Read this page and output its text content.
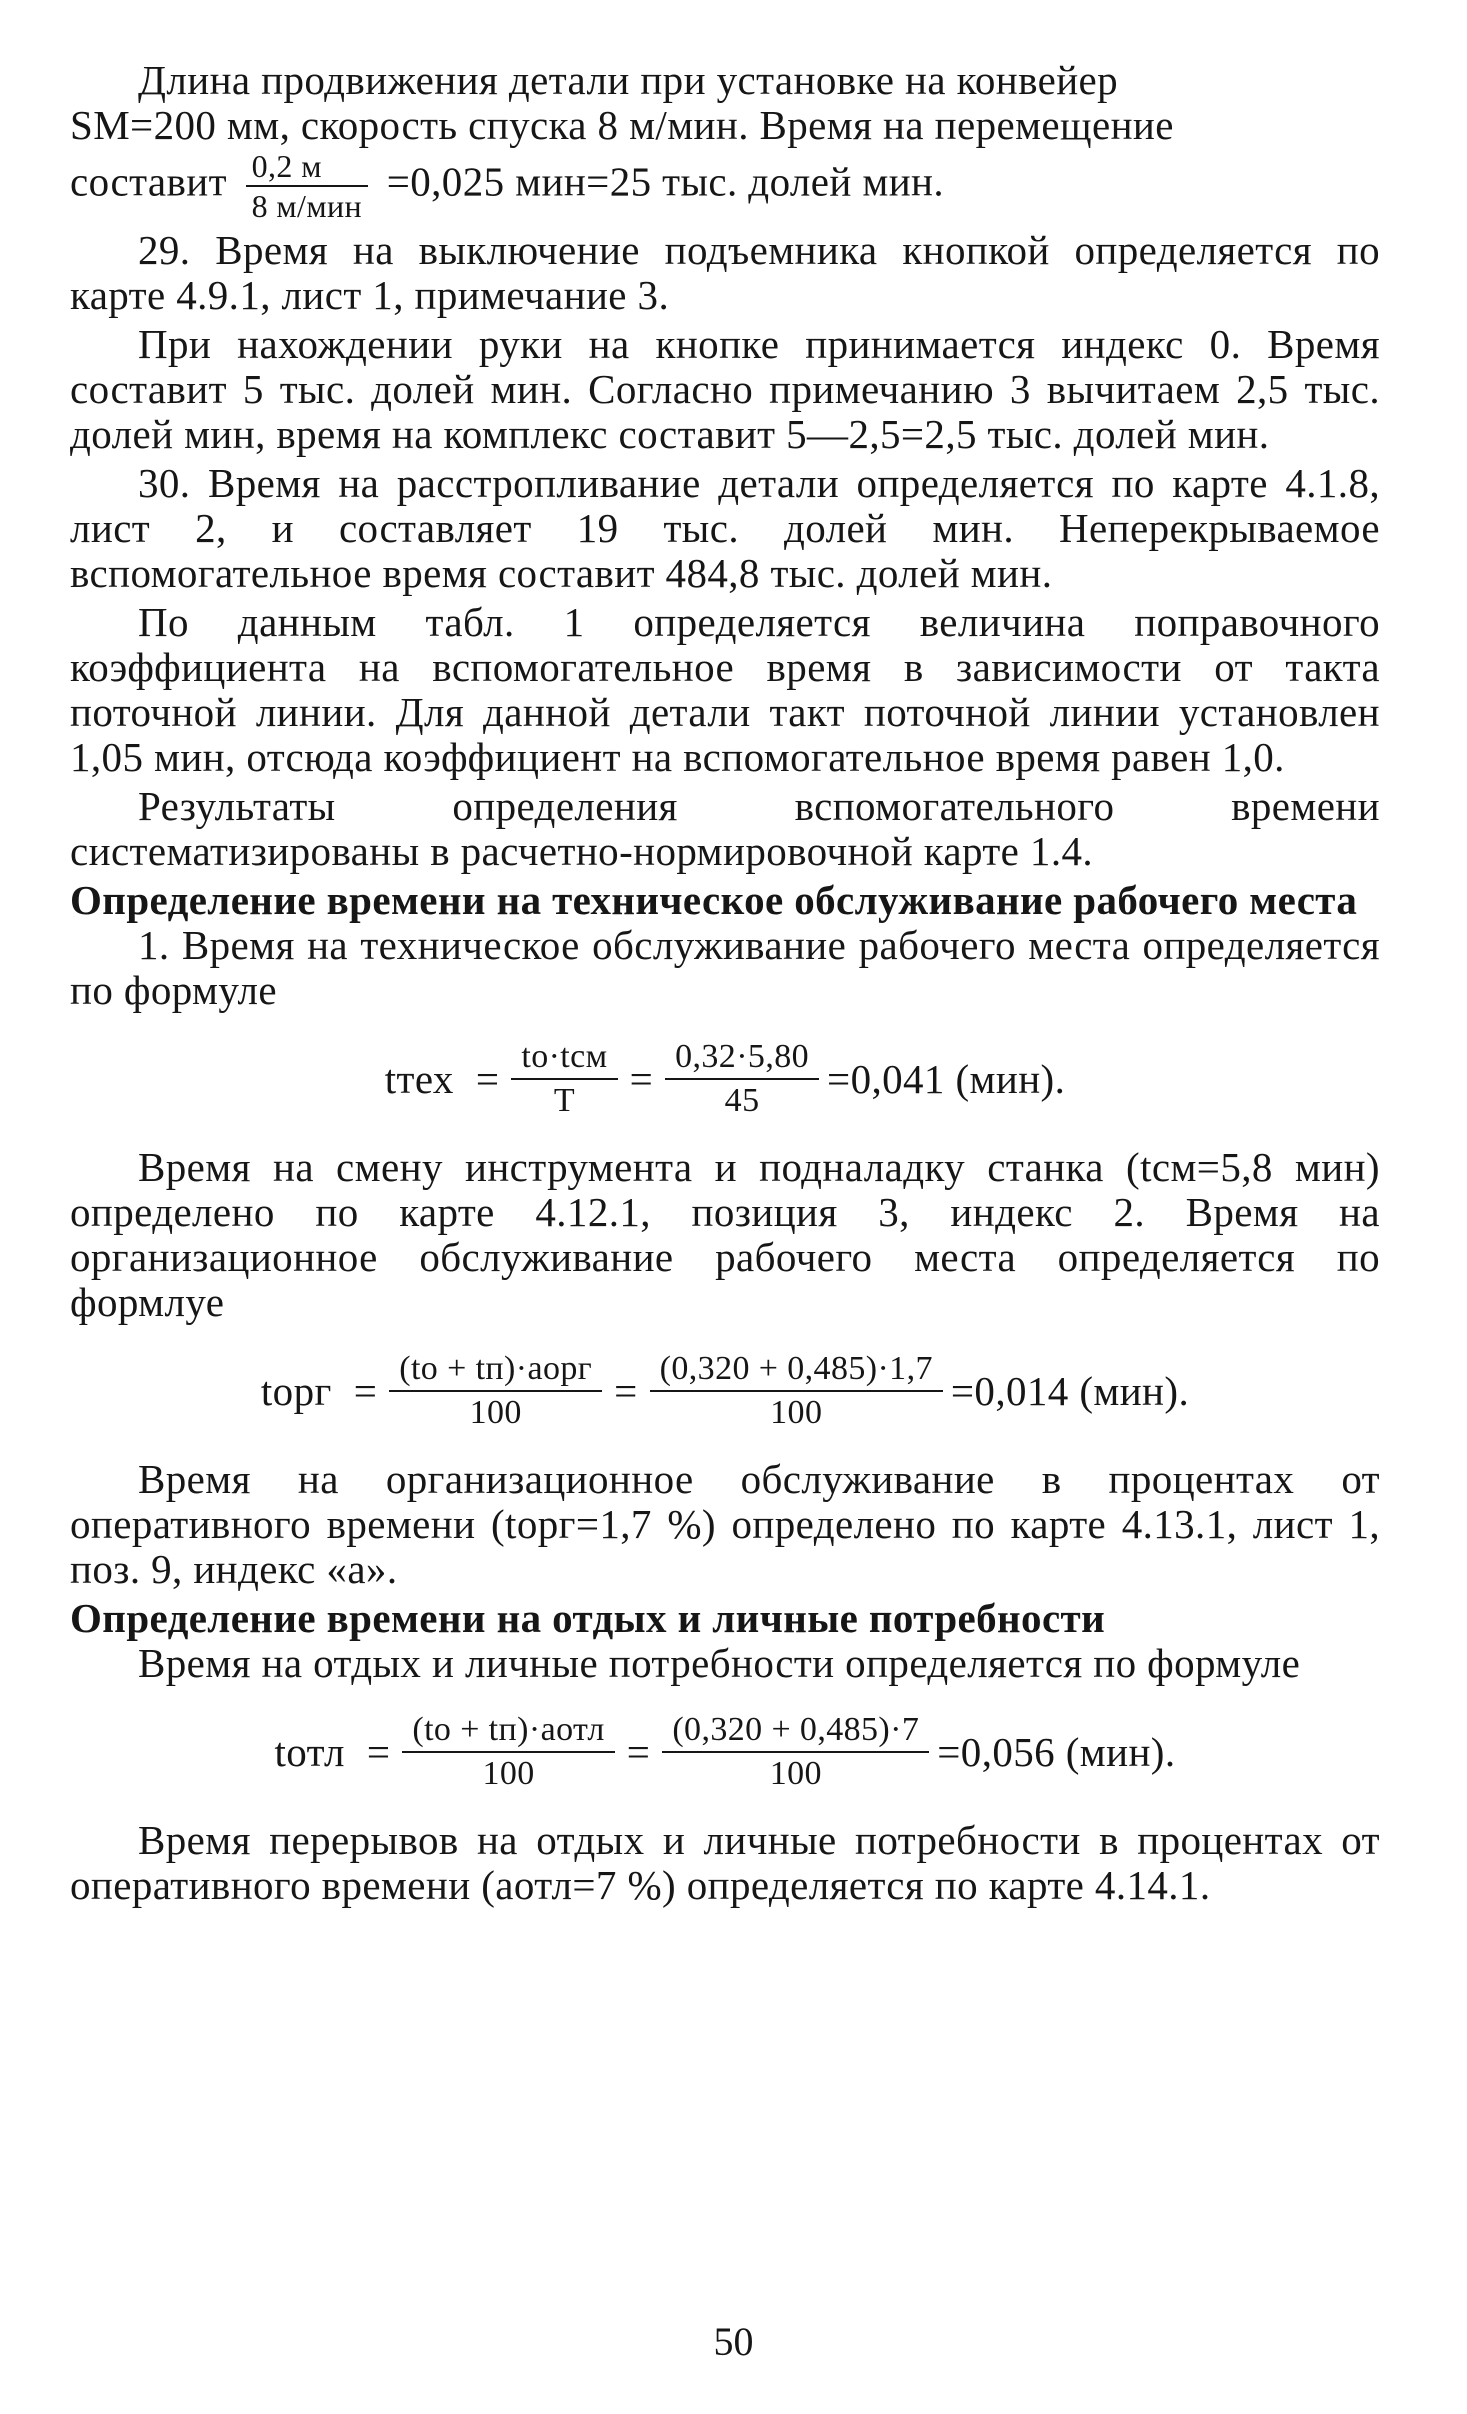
Длина продвижения детали при установке на конвейер
SM=200 мм, скорость спуска 8 м/мин. Время на перемещение
составит $\frac{0,2 м}{\text{8 м/мин}} =0,025$ мин=25 тыс. долей мин.
29. Время на выключение подъемника кнопкой определяется по карте 4.9.1, лист 1, примечание 3.
При нахождении руки на кнопке принимается индекс 0. Время составит 5 тыс. долей мин. Согласно примечанию 3 вычитаем 2,5 тыс. долей мин, время на комплекс составит 5—2,5=2,5 тыс. долей мин.
30. Время на расстропливание детали определяется по карте 4.1.8, лист 2, и составляет 19 тыс. долей мин. Неперекрываемое вспомогательное время составит 484,8 тыс. долей мин.
По данным табл. 1 определяется величина поправочного коэффициента на вспомогательное время в зависимости от такта поточной линии. Для данной детали такт поточной линии установлен 1,05 мин, отсюда коэффициент на вспомогательное время равен 1,0.
Результаты определения вспомогательного времени систематизированы в расчетно-нормировочной карте 1.4.
Определение времени на техническое обслуживание рабочего места
1. Время на техническое обслуживание рабочего места определяется по формуле
tтех = $\frac{\text{tо·tсм}}{T} = \frac{0,32\cdot 5,80}{45} =0,041$ (мин).
Время на смену инструмента и подналадку станка (tсм=5,8 мин) определено по карте 4.12.1, позиция 3, индекс 2. Время на организационное обслуживание рабочего места определяется по формлуе
tорг = $\frac{\text{(tо + tп)·aорг}}{100} = \frac{(0,320 + 0,485)\cdot 1,7}{100} =0,014$ (мин).
Время на организационное обслуживание в процентах от оперативного времени (tорг=1,7 %) определено по карте 4.13.1, лист 1, поз. 9, индекс «а».
Определение времени на отдых и личные потребности
Время на отдых и личные потребности определяется по формуле
tотл = $\frac{\text{(tо + tп)·aотл}}{100} = \frac{(0,320 + 0,485)\cdot 7}{100} =0,056$ (мин).
Время перерывов на отдых и личные потребности в процентах от оперативного времени (aотл=7 %) определяется по карте 4.14.1.
50
